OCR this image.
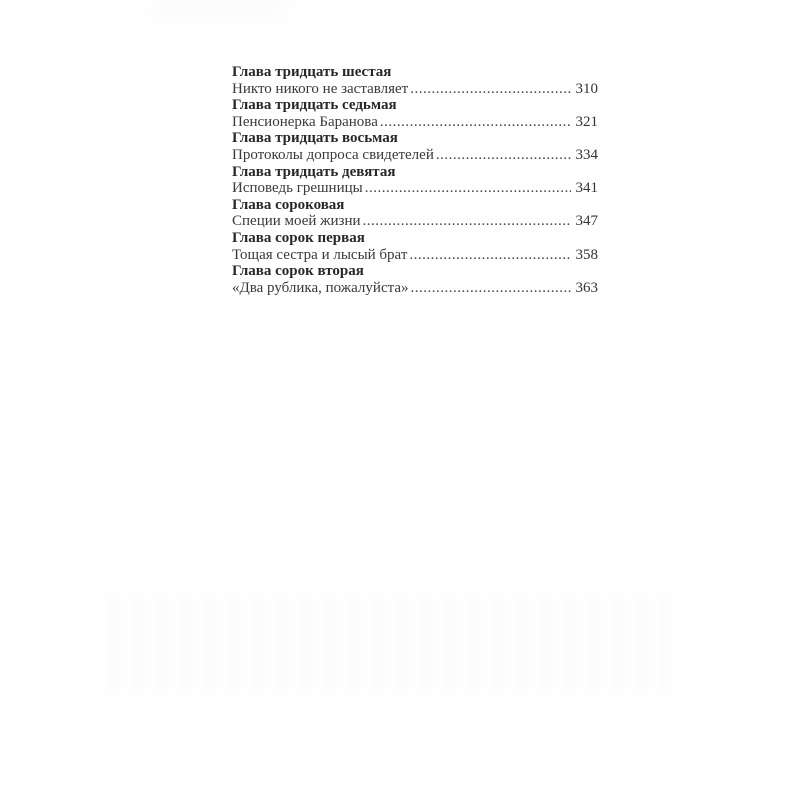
Глава тридцать шестая
Никто никого не заставляет .....	310
Глава тридцать седьмая
Пенсионерка Баранова .....	321
Глава тридцать восьмая
Протоколы допроса свидетелей .....	334
Глава тридцать девятая
Исповедь грешницы .....	341
Глава сороковая
Специи моей жизни .....	347
Глава сорок первая
Тощая сестра и лысый брат .....	358
Глава сорок вторая
«Два рублика, пожалуйста» .....	363
